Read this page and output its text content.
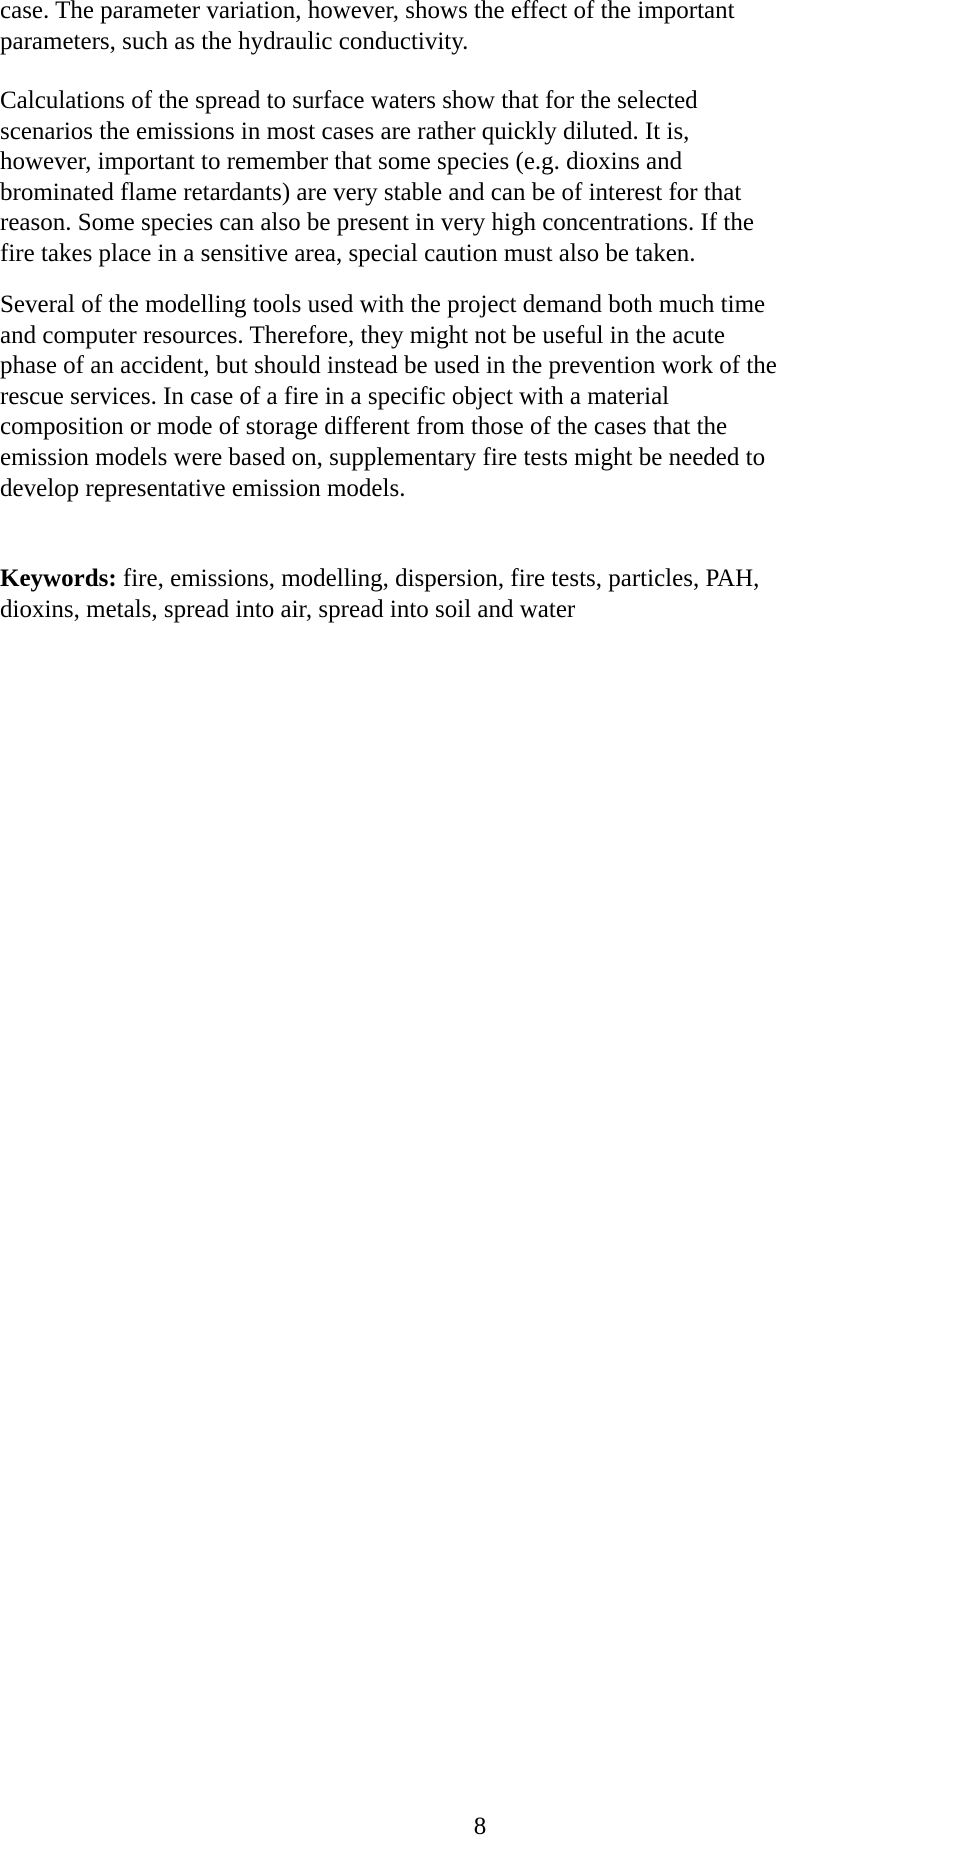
case. The parameter variation, however, shows the effect of the important
parameters, such as the hydraulic conductivity.

Calculations of the spread to surface waters show that for the selected
scenarios the emissions in most cases are rather quickly diluted. It is,
however, important to remember that some species (e.g. dioxins and
brominated flame retardants) are very stable and can be of interest for that
reason. Some species can also be present in very high concentrations. If the
fire takes place in a sensitive area, special caution must also be taken.

Several of the modelling tools used with the project demand both much time
and computer resources. Therefore, they might not be useful in the acute
phase of an accident, but should instead be used in the prevention work of the
rescue services. In case of a fire in a specific object with a material
composition or mode of storage different from those of the cases that the
emission models were based on, supplementary fire tests might be needed to
develop representative emission models.

Keywords: fire, emissions, modelling, dispersion, fire tests, particles, PAH,
dioxins, metals, spread into air, spread into soil and water

8
